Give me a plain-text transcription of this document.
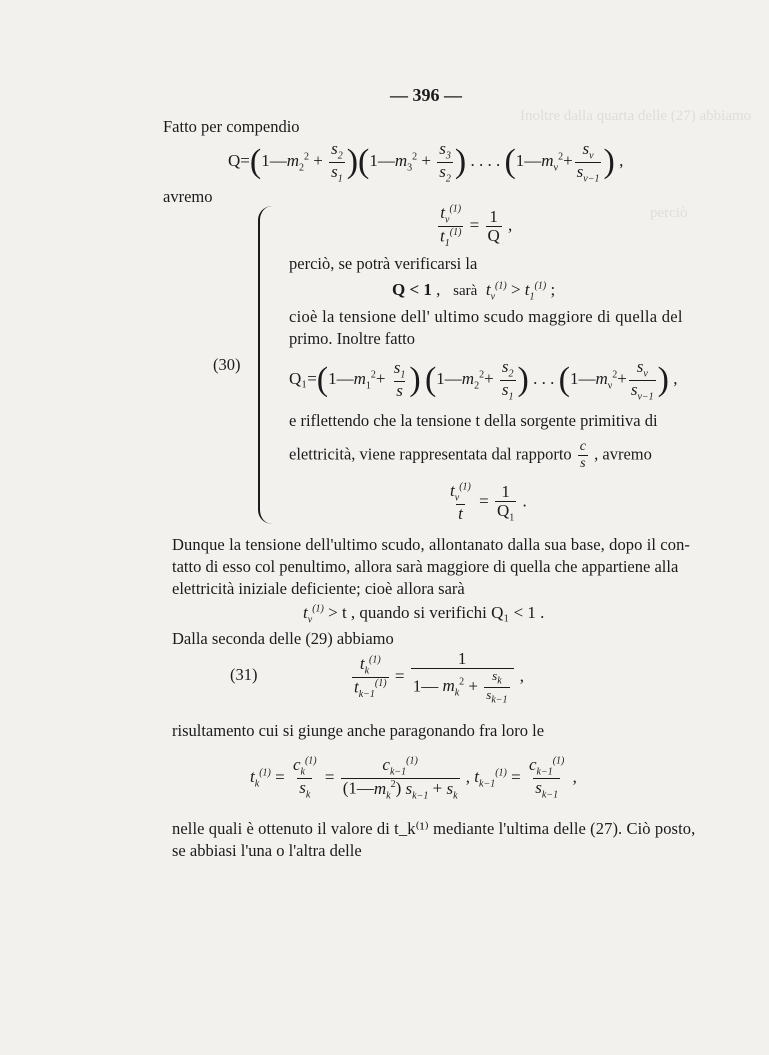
Inoltre dalla quarta delle (27) abbiamo
perciò
— 396 —
Fatto per compendio
$Q=(1—m_2^2 + \frac{s_2}{s_1}$ )($1—m_3^2 + \frac{s_3}{s_2}$ ) . . . . ($1—m_\nu^2+ \frac{s_\nu}{s_{\nu-1}}$ ) ,
avremo
(30)
$\frac{t_\nu^{(1)}}{t_1^{(1)}} = \frac{1}{Q}$ ,
perciò, se potrà verificarsi la
Q < 1 ,   sarà $t_\nu^{(1)} > t_1^{(1)}$ ;
cioè la tensione dell' ultimo scudo maggiore di quella del
primo. Inoltre fatto
$Q_1=(1—m_1^2+ \frac{s_1}{s}$ ) ($1—m_2^2+ \frac{s_2}{s_1}$ ) . . . ($1—m_\nu^2+ \frac{s_\nu}{s_{\nu-1}}$ ) ,
e riflettendo che la tensione t della sorgente primitiva di
elettricità, viene rappresentata dal rapporto $\frac{c}{s}$ , avremo
$\frac{t_\nu^{(1)}}{t} = \frac{1}{Q_1}$ .
Dunque la tensione dell'ultimo scudo, allontanato dalla sua base, dopo il con-
tatto di esso col penultimo, allora sarà maggiore di quella che appartiene alla
elettricità iniziale deficiente; cioè allora sarà
$t_\nu^{(1)} > t$ , quando si verifichi Q₁ < 1 .
Dalla seconda delle (29) abbiamo
(31)	$\frac{t_k^{(1)}}{t_{k-1}^{(1)}} = \frac{1}{1— m_k^2 + \frac{s_k}{s_{k-1}}}$ ,
risultamento cui si giunge anche paragonando fra loro le
$t_k^{(1)} = \frac{c_k^{(1)}}{s_k} = \frac{c_{k-1}^{(1)}}{(1—m_k^2) s_{k-1} + s_k}$ , $t_{k-1}^{(1)} = \frac{c_{k-1}^{(1)}}{s_{k-1}}$ ,
nelle quali è ottenuto il valore di t_k⁽¹⁾ mediante l'ultima delle (27). Ciò posto,
se abbiasi l'una o l'altra delle
